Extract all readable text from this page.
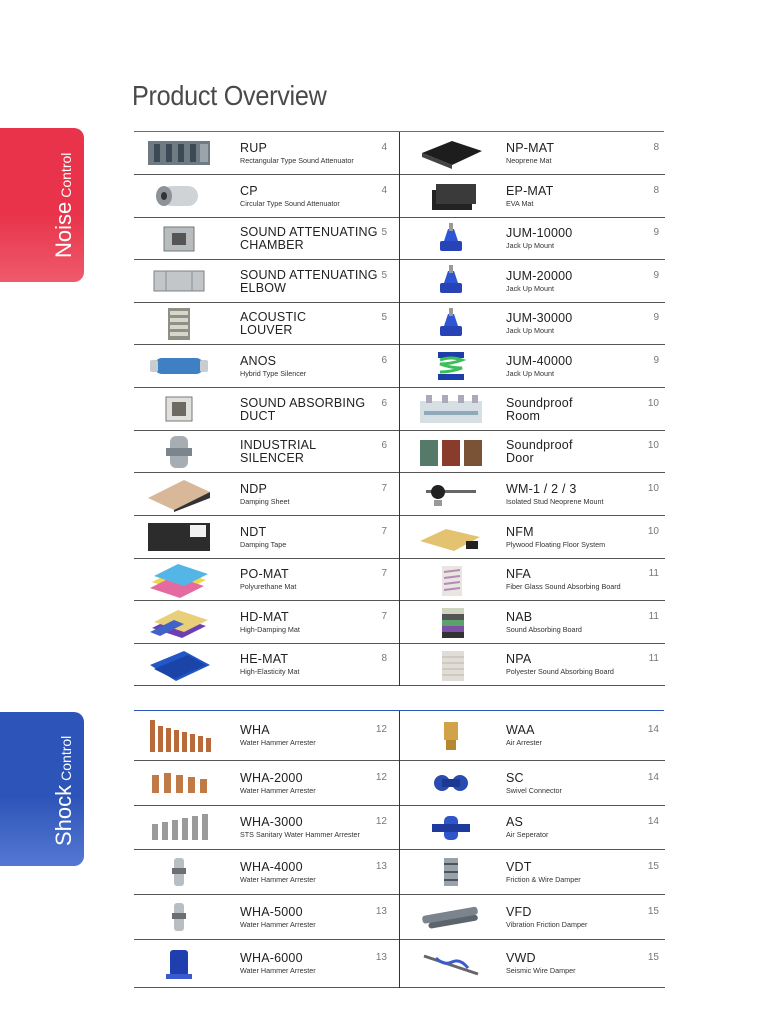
Product Overview
NoiseControl
ShockControl
RUP
Rectangular Type Sound Attenuator
4
CP
Circular Type Sound Attenuator
4
SOUND ATTENUATING
CHAMBER
5
SOUND ATTENUATING
ELBOW
5
ACOUSTIC
LOUVER
5
ANOS
Hybrid Type Silencer
6
SOUND ABSORBING
DUCT
6
INDUSTRIAL
SILENCER
6
NDP
Damping Sheet
7
NDT
Damping Tape
7
PO-MAT
Polyurethane Mat
7
HD-MAT
High-Damping Mat
7
HE-MAT
High-Elasticity Mat
8
NP-MAT
Neoprene Mat
8
EP-MAT
EVA Mat
8
JUM-10000
Jack Up Mount
9
JUM-20000
Jack Up Mount
9
JUM-30000
Jack Up Mount
9
JUM-40000
Jack Up Mount
9
Soundproof
Room
10
Soundproof
Door
10
WM-1 / 2 / 3
Isolated Stud Neoprene Mount
10
NFM
Plywood Floating Floor System
10
NFA
Fiber Glass Sound Absorbing Board
11
NAB
Sound Absorbing Board
11
NPA
Polyester Sound Absorbing Board
11
WHA
Water Hammer Arrester
12
WHA-2000
Water Hammer Arrester
12
WHA-3000
STS Sanitary Water Hammer Arrester
12
WHA-4000
Water Hammer Arrester
13
WHA-5000
Water Hammer Arrester
13
WHA-6000
Water Hammer Arrester
13
WAA
Air Arrester
14
SC
Swivel Connector
14
AS
Air Seperator
14
VDT
Friction & Wire Damper
15
VFD
Vibration Friction Damper
15
VWD
Seismic Wire Damper
15
